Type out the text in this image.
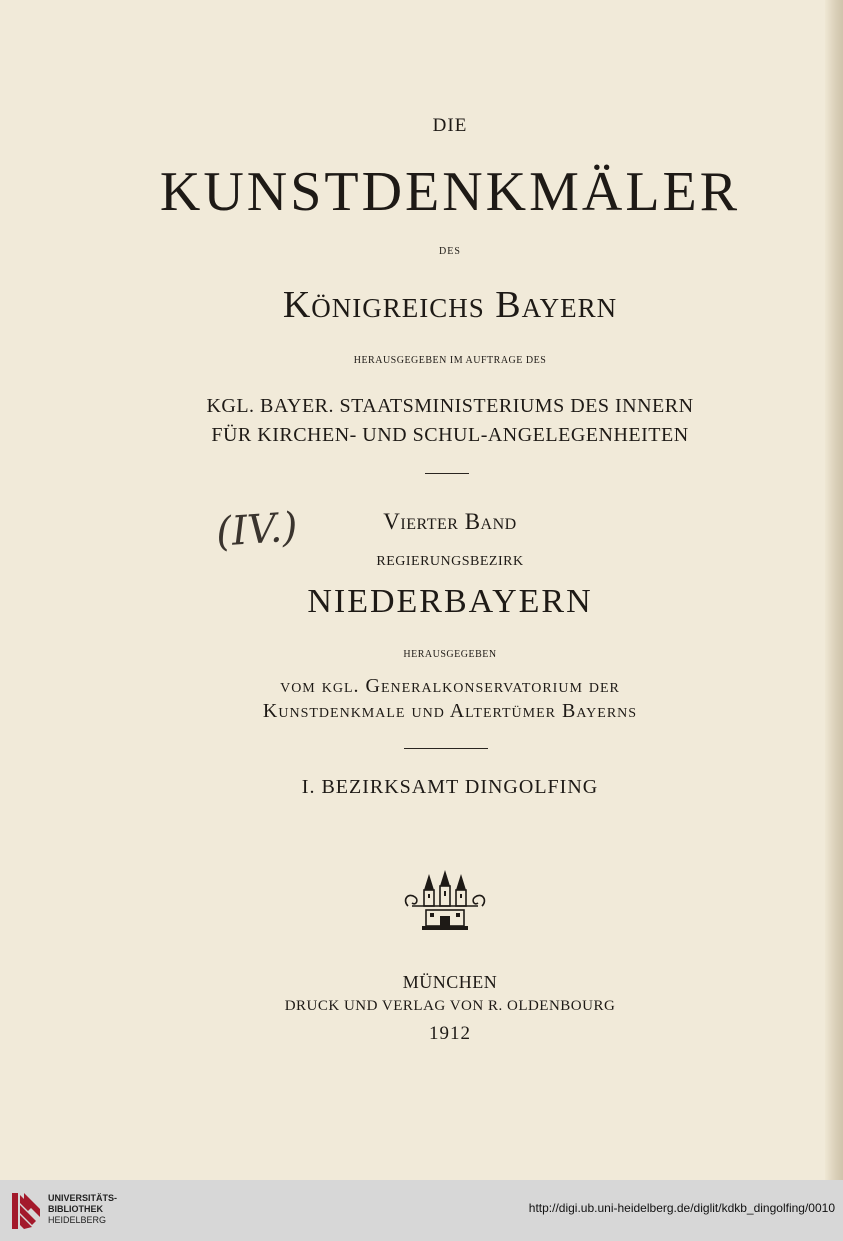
DIE
KUNSTDENKMÄLER
DES
Königreichs Bayern
HERAUSGEGEBEN IM AUFTRAGE DES
KGL. BAYER. STAATSMINISTERIUMS DES INNERN
FÜR KIRCHEN- UND SCHUL-ANGELEGENHEITEN
(IV.)	Vierter Band
REGIERUNGSBEZIRK
NIEDERBAYERN
HERAUSGEGEBEN
vom kgl. Generalkonservatorium der
Kunstdenkmale und Altertümer Bayerns
I. BEZIRKSAMT DINGOLFING
MÜNCHEN
DRUCK UND VERLAG VON R. OLDENBOURG
1912
UNIVERSITÄTS-
BIBLIOTHEK
HEIDELBERG
http://digi.ub.uni-heidelberg.de/diglit/kdkb_dingolfing/0010
